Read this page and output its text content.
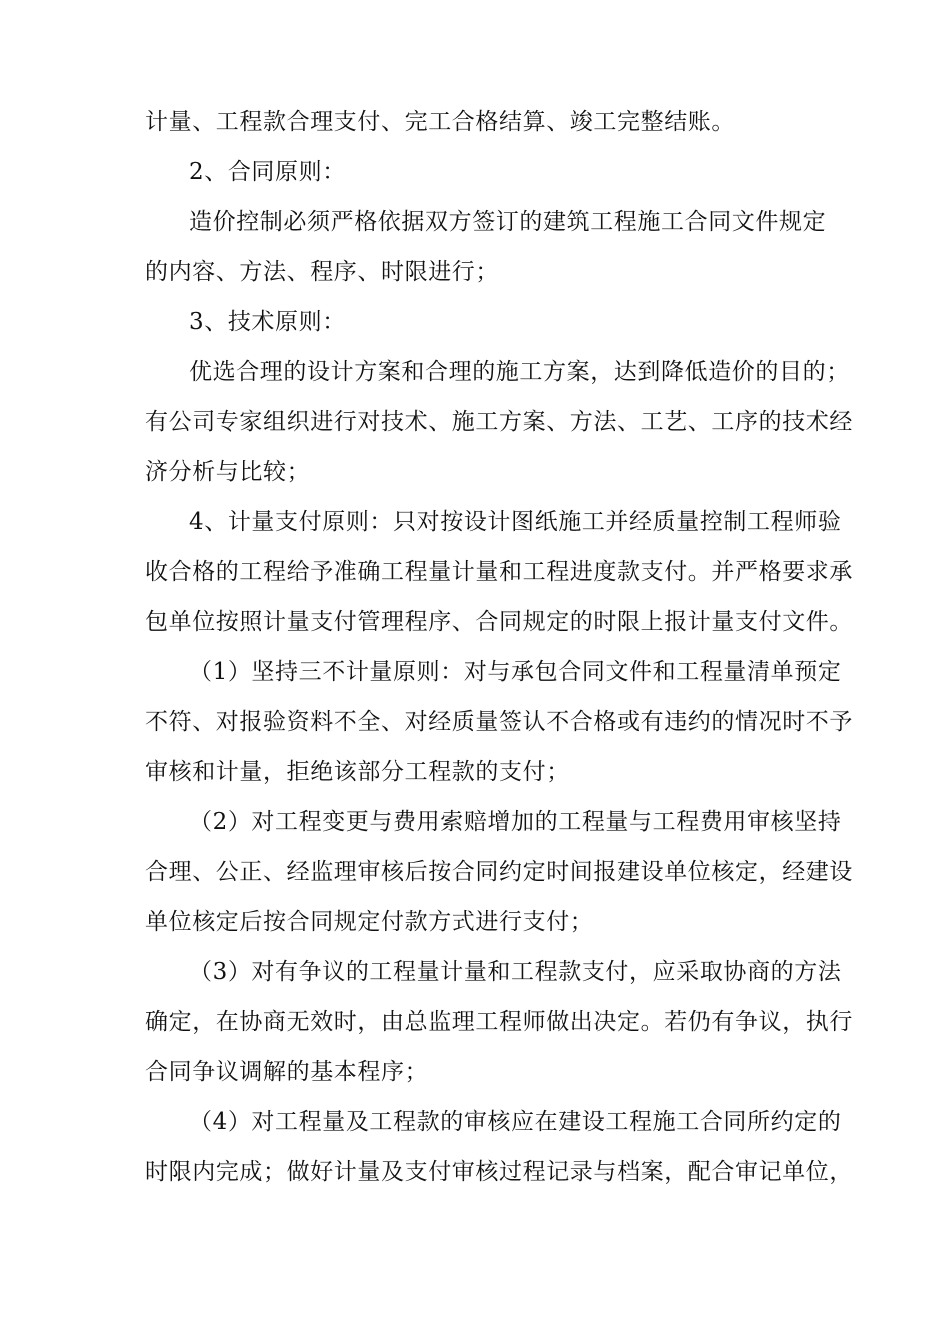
计量、工程款合理支付、完工合格结算、竣工完整结账。
2、合同原则：
造价控制必须严格依据双方签订的建筑工程施工合同文件规定
的内容、方法、程序、时限进行；
3、技术原则：
优选合理的设计方案和合理的施工方案，达到降低造价的目的；
有公司专家组织进行对技术、施工方案、方法、工艺、工序的技术经
济分析与比较；
4、计量支付原则：只对按设计图纸施工并经质量控制工程师验
收合格的工程给予准确工程量计量和工程进度款支付。并严格要求承
包单位按照计量支付管理程序、合同规定的时限上报计量支付文件。
（1）坚持三不计量原则：对与承包合同文件和工程量清单预定
不符、对报验资料不全、对经质量签认不合格或有违约的情况时不予
审核和计量，拒绝该部分工程款的支付；
（2）对工程变更与费用索赔增加的工程量与工程费用审核坚持
合理、公正、经监理审核后按合同约定时间报建设单位核定，经建设
单位核定后按合同规定付款方式进行支付；
（3）对有争议的工程量计量和工程款支付，应采取协商的方法
确定，在协商无效时，由总监理工程师做出决定。若仍有争议，执行
合同争议调解的基本程序；
（4）对工程量及工程款的审核应在建设工程施工合同所约定的
时限内完成；做好计量及支付审核过程记录与档案，配合审记单位，
